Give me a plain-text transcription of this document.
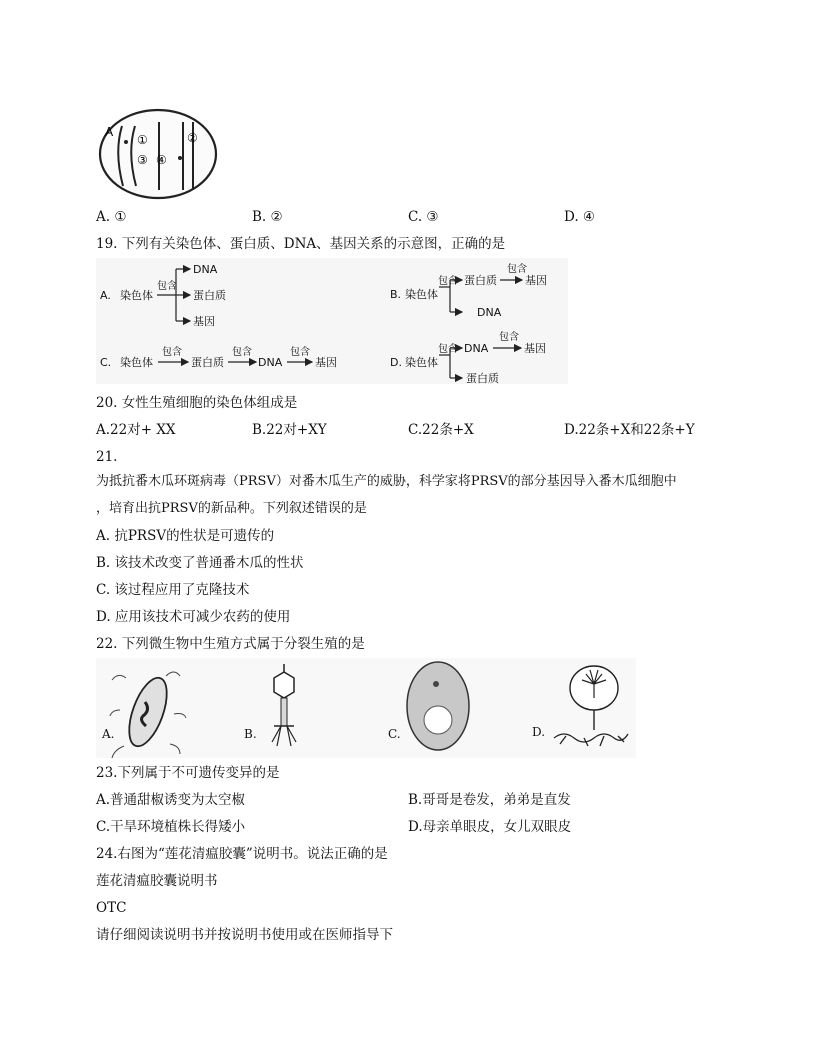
A
①	②
③ ④
A. ①	B. ②	C. ③	D. ④
19. 下列有关染色体、蛋白质、DNA、基因关系的示意图，正确的是
A. 染色体
包含
DNA
蛋白质
基因
B. 染色体
包含 蛋白质
包含
基因
DNA
C. 染色体
包含
蛋白质
包含
DNA
包含
基因	D. 染色体
包含 DNA
包含
基因
蛋白质
20. 女性生殖细胞的染色体组成是
A.22对+ XX	B.22对+XY	C.22条+X	D.22条+X和22条+Y
21.
为抵抗番木瓜环斑病毒（PRSV）对番木瓜生产的威胁，科学家将PRSV的部分基因导入番木瓜细胞中
，培育出抗PRSV的新品种。下列叙述错误的是
A. 抗PRSV的性状是可遗传的
B. 该技术改变了普通番木瓜的性状
C. 该过程应用了克隆技术
D. 应用该技术可减少农药的使用
22. 下列微生物中生殖方式属于分裂生殖的是
A.	B.	C.	D.
23.下列属于不可遗传变异的是
A.普通甜椒诱变为太空椒	B.哥哥是卷发，弟弟是直发
C.干旱环境植株长得矮小	D.母亲单眼皮，女儿双眼皮
24.右图为“莲花清瘟胶囊”说明书。说法正确的是
莲花清瘟胶囊说明书
OTC
请仔细阅读说明书并按说明书使用或在医师指导下
